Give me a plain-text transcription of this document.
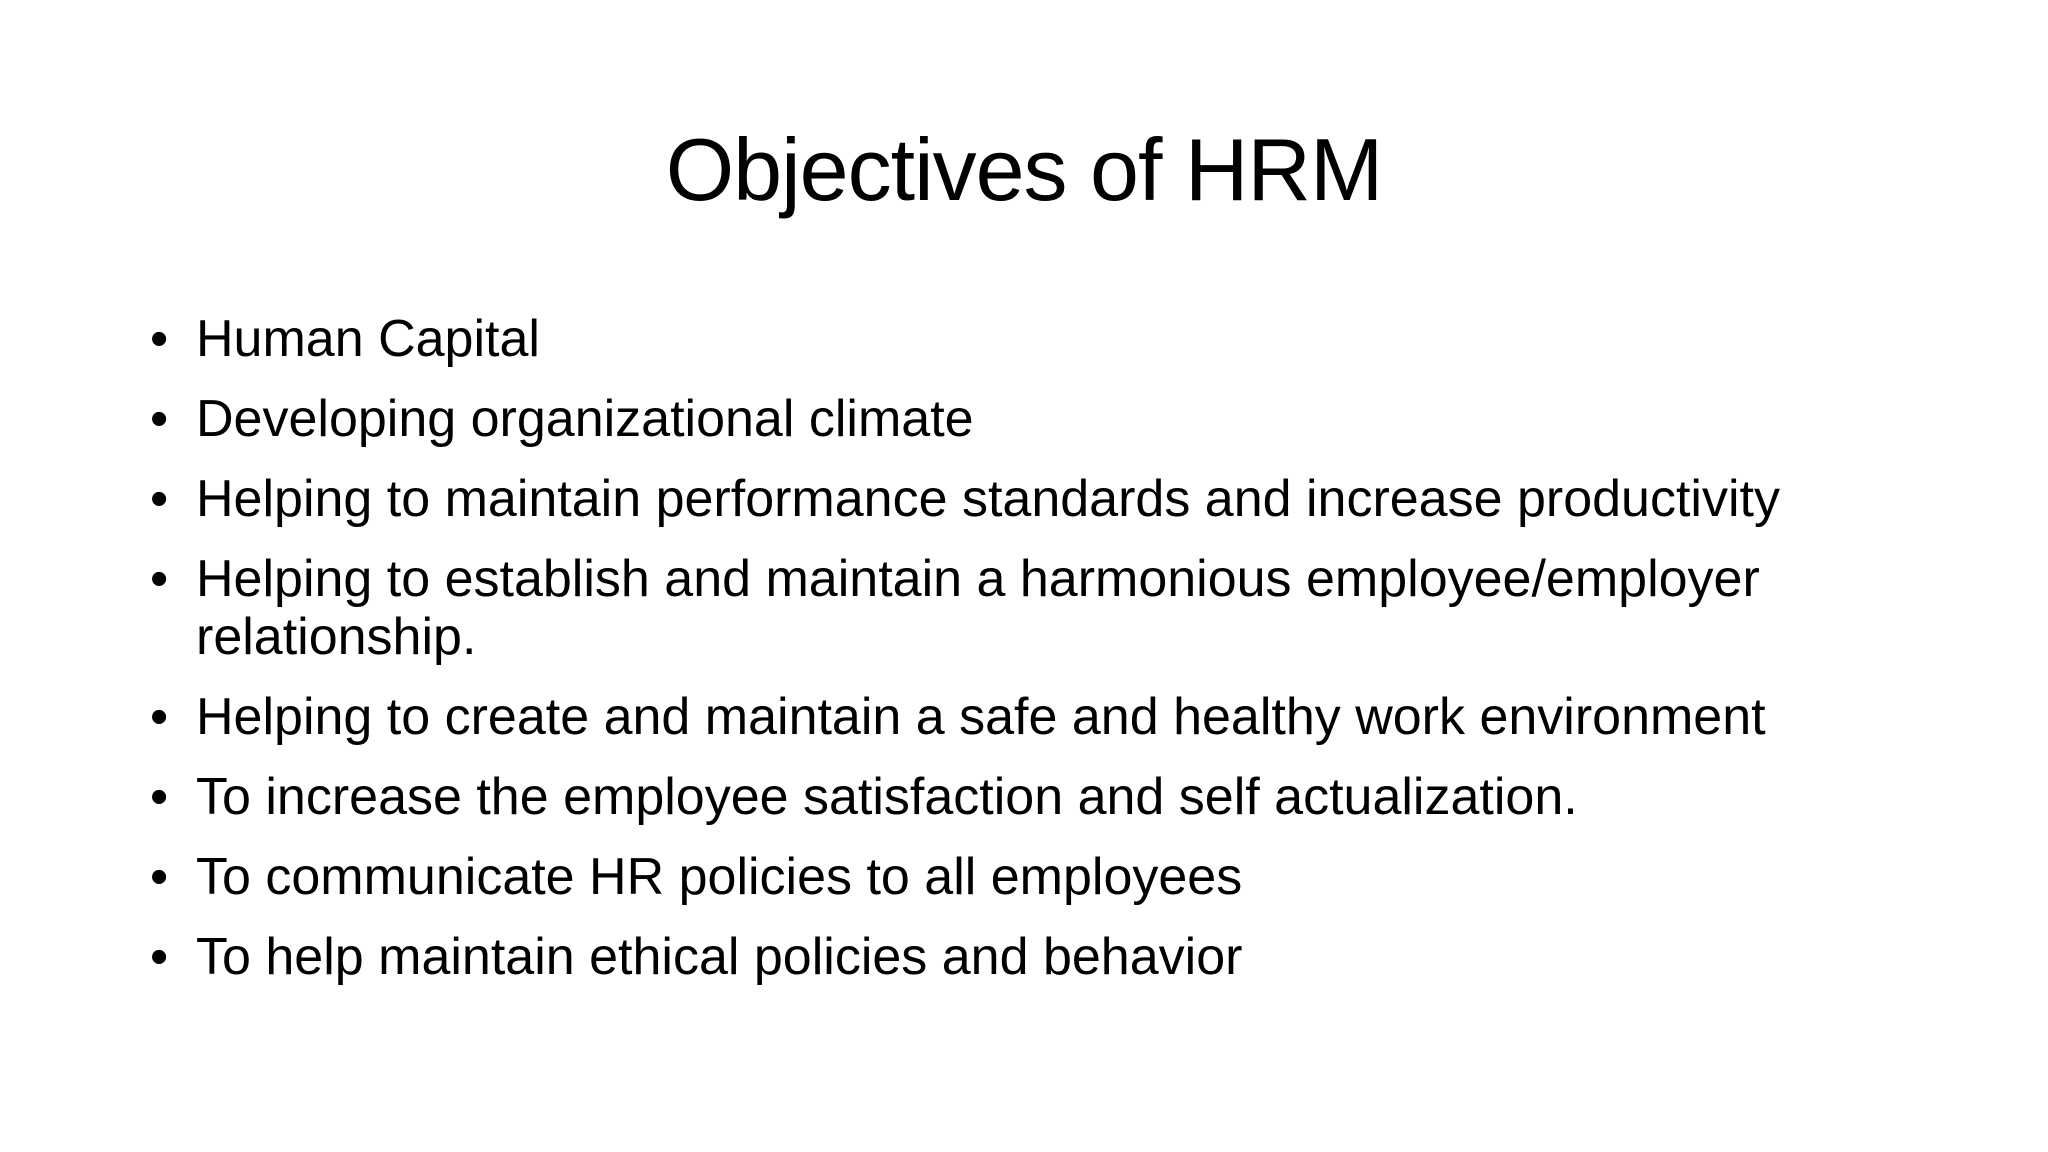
Objectives of HRM
• Human Capital
• Developing organizational climate
• Helping to maintain performance standards and increase productivity
• Helping to establish and maintain a harmonious employee/employer relationship.
• Helping to create and maintain a safe and healthy work environment
• To increase the employee satisfaction and self actualization.
• To communicate HR policies to all employees
• To help maintain ethical policies and behavior
